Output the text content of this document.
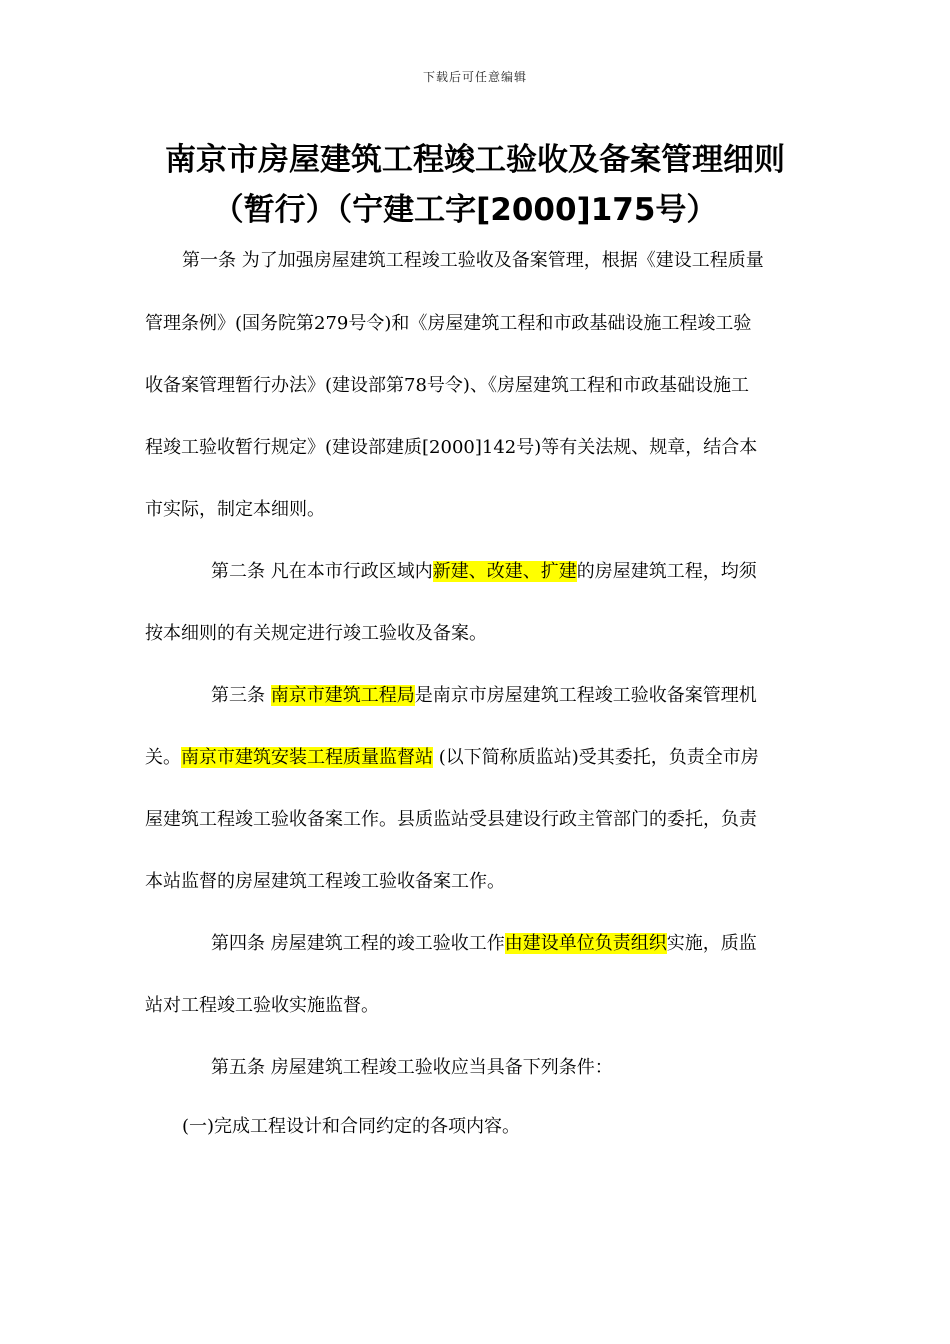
下载后可任意编辑
南京市房屋建筑工程竣工验收及备案管理细则
（暂行）（宁建工字[2000]175号）
第一条 为了加强房屋建筑工程竣工验收及备案管理，根据《建设工程质量
管理条例》(国务院第279号令)和《房屋建筑工程和市政基础设施工程竣工验
收备案管理暂行办法》(建设部第78号令)、《房屋建筑工程和市政基础设施工
程竣工验收暂行规定》(建设部建质[2000]142号)等有关法规、规章，结合本
市实际，制定本细则。
第二条 凡在本市行政区域内新建、改建、扩建的房屋建筑工程，均须
按本细则的有关规定进行竣工验收及备案。
第三条 南京市建筑工程局是南京市房屋建筑工程竣工验收备案管理机
关。南京市建筑安装工程质量监督站 (以下简称质监站)受其委托，负责全市房
屋建筑工程竣工验收备案工作。县质监站受县建设行政主管部门的委托，负责
本站监督的房屋建筑工程竣工验收备案工作。
第四条 房屋建筑工程的竣工验收工作由建设单位负责组织实施，质监
站对工程竣工验收实施监督。
第五条 房屋建筑工程竣工验收应当具备下列条件：
(一)完成工程设计和合同约定的各项内容。
